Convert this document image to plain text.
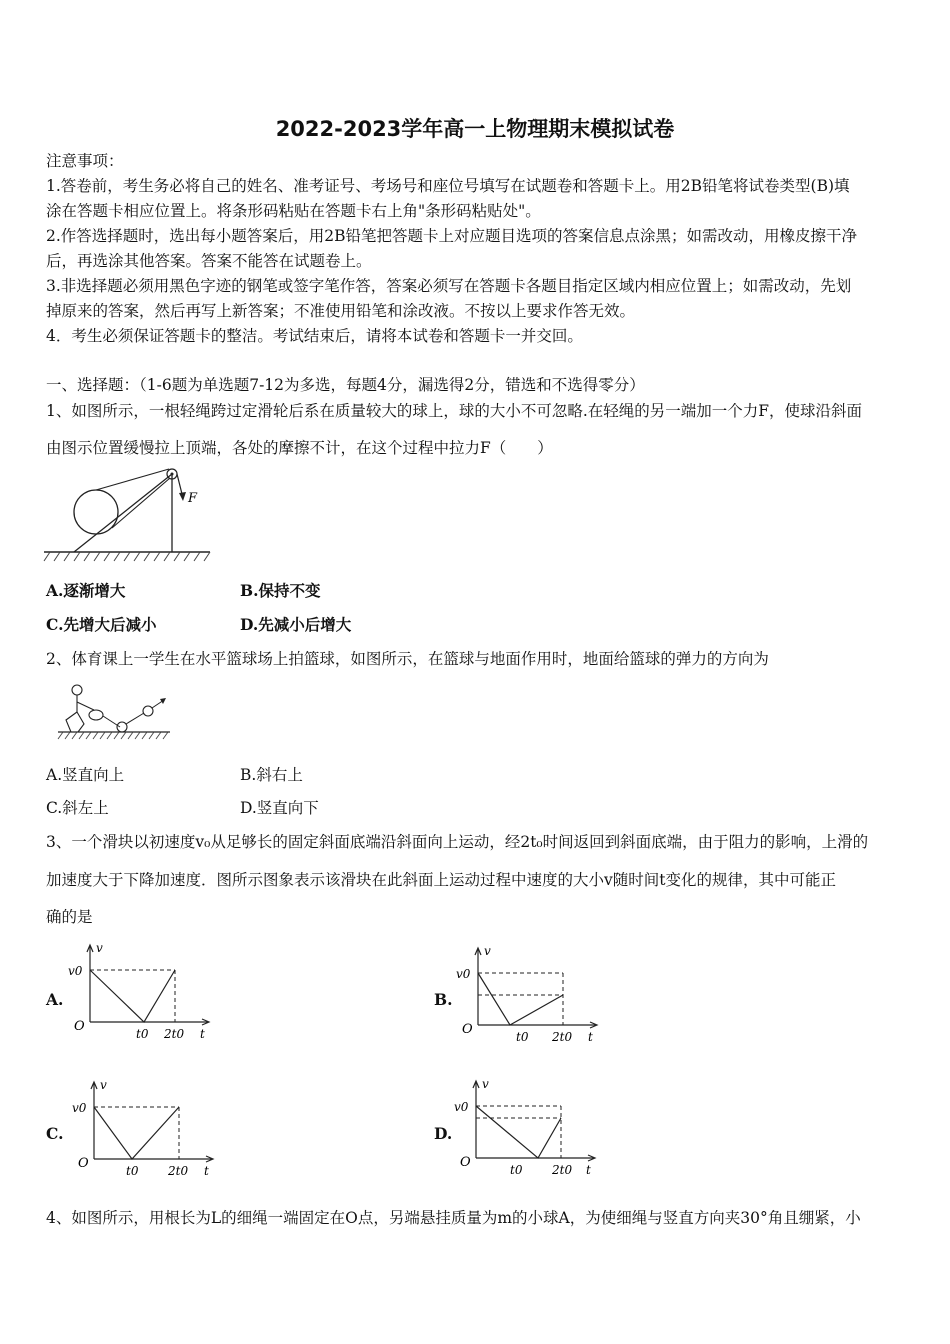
2022-2023学年高一上物理期末模拟试卷
注意事项：
1.答卷前，考生务必将自己的姓名、准考证号、考场号和座位号填写在试题卷和答题卡上。用2B铅笔将试卷类型(B)填
涂在答题卡相应位置上。将条形码粘贴在答题卡右上角"条形码粘贴处"。
2.作答选择题时，选出每小题答案后，用2B铅笔把答题卡上对应题目选项的答案信息点涂黑；如需改动，用橡皮擦干净
后，再选涂其他答案。答案不能答在试题卷上。
3.非选择题必须用黑色字迹的钢笔或签字笔作答，答案必须写在答题卡各题目指定区域内相应位置上；如需改动，先划
掉原来的答案，然后再写上新答案；不准使用铅笔和涂改液。不按以上要求作答无效。
4．考生必须保证答题卡的整洁。考试结束后，请将本试卷和答题卡一并交回。
一、选择题：（1-6题为单选题7-12为多选，每题4分，漏选得2分，错选和不选得零分）
1、如图所示，一根轻绳跨过定滑轮后系在质量较大的球上，球的大小不可忽略.在轻绳的另一端加一个力F，使球沿斜面
由图示位置缓慢拉上顶端，各处的摩擦不计，在这个过程中拉力F（　　）
F
A.逐渐增大	B.保持不变
C.先增大后减小	D.先减小后增大
2、体育课上一学生在水平篮球场上拍篮球，如图所示，在篮球与地面作用时，地面给篮球的弹力的方向为
A.竖直向上	B.斜右上
C.斜左上	D.竖直向下
3、一个滑块以初速度v₀从足够长的固定斜面底端沿斜面向上运动，经2t₀时间返回到斜面底端，由于阻力的影响，上滑的
加速度大于下降加速度．图所示图象表示该滑块在此斜面上运动过程中速度的大小v随时间t变化的规律，其中可能正
确的是
A.	B.
C.	D.
v
v0
O	t0 2t0 t
v
v0
O	t0 2t0 t
v
v0
O	t0 2t0 t
v
v0
O	t0 2t0 t
4、如图所示，用根长为L的细绳一端固定在O点，另端悬挂质量为m的小球A，为使细绳与竖直方向夹30°角且绷紧，小
